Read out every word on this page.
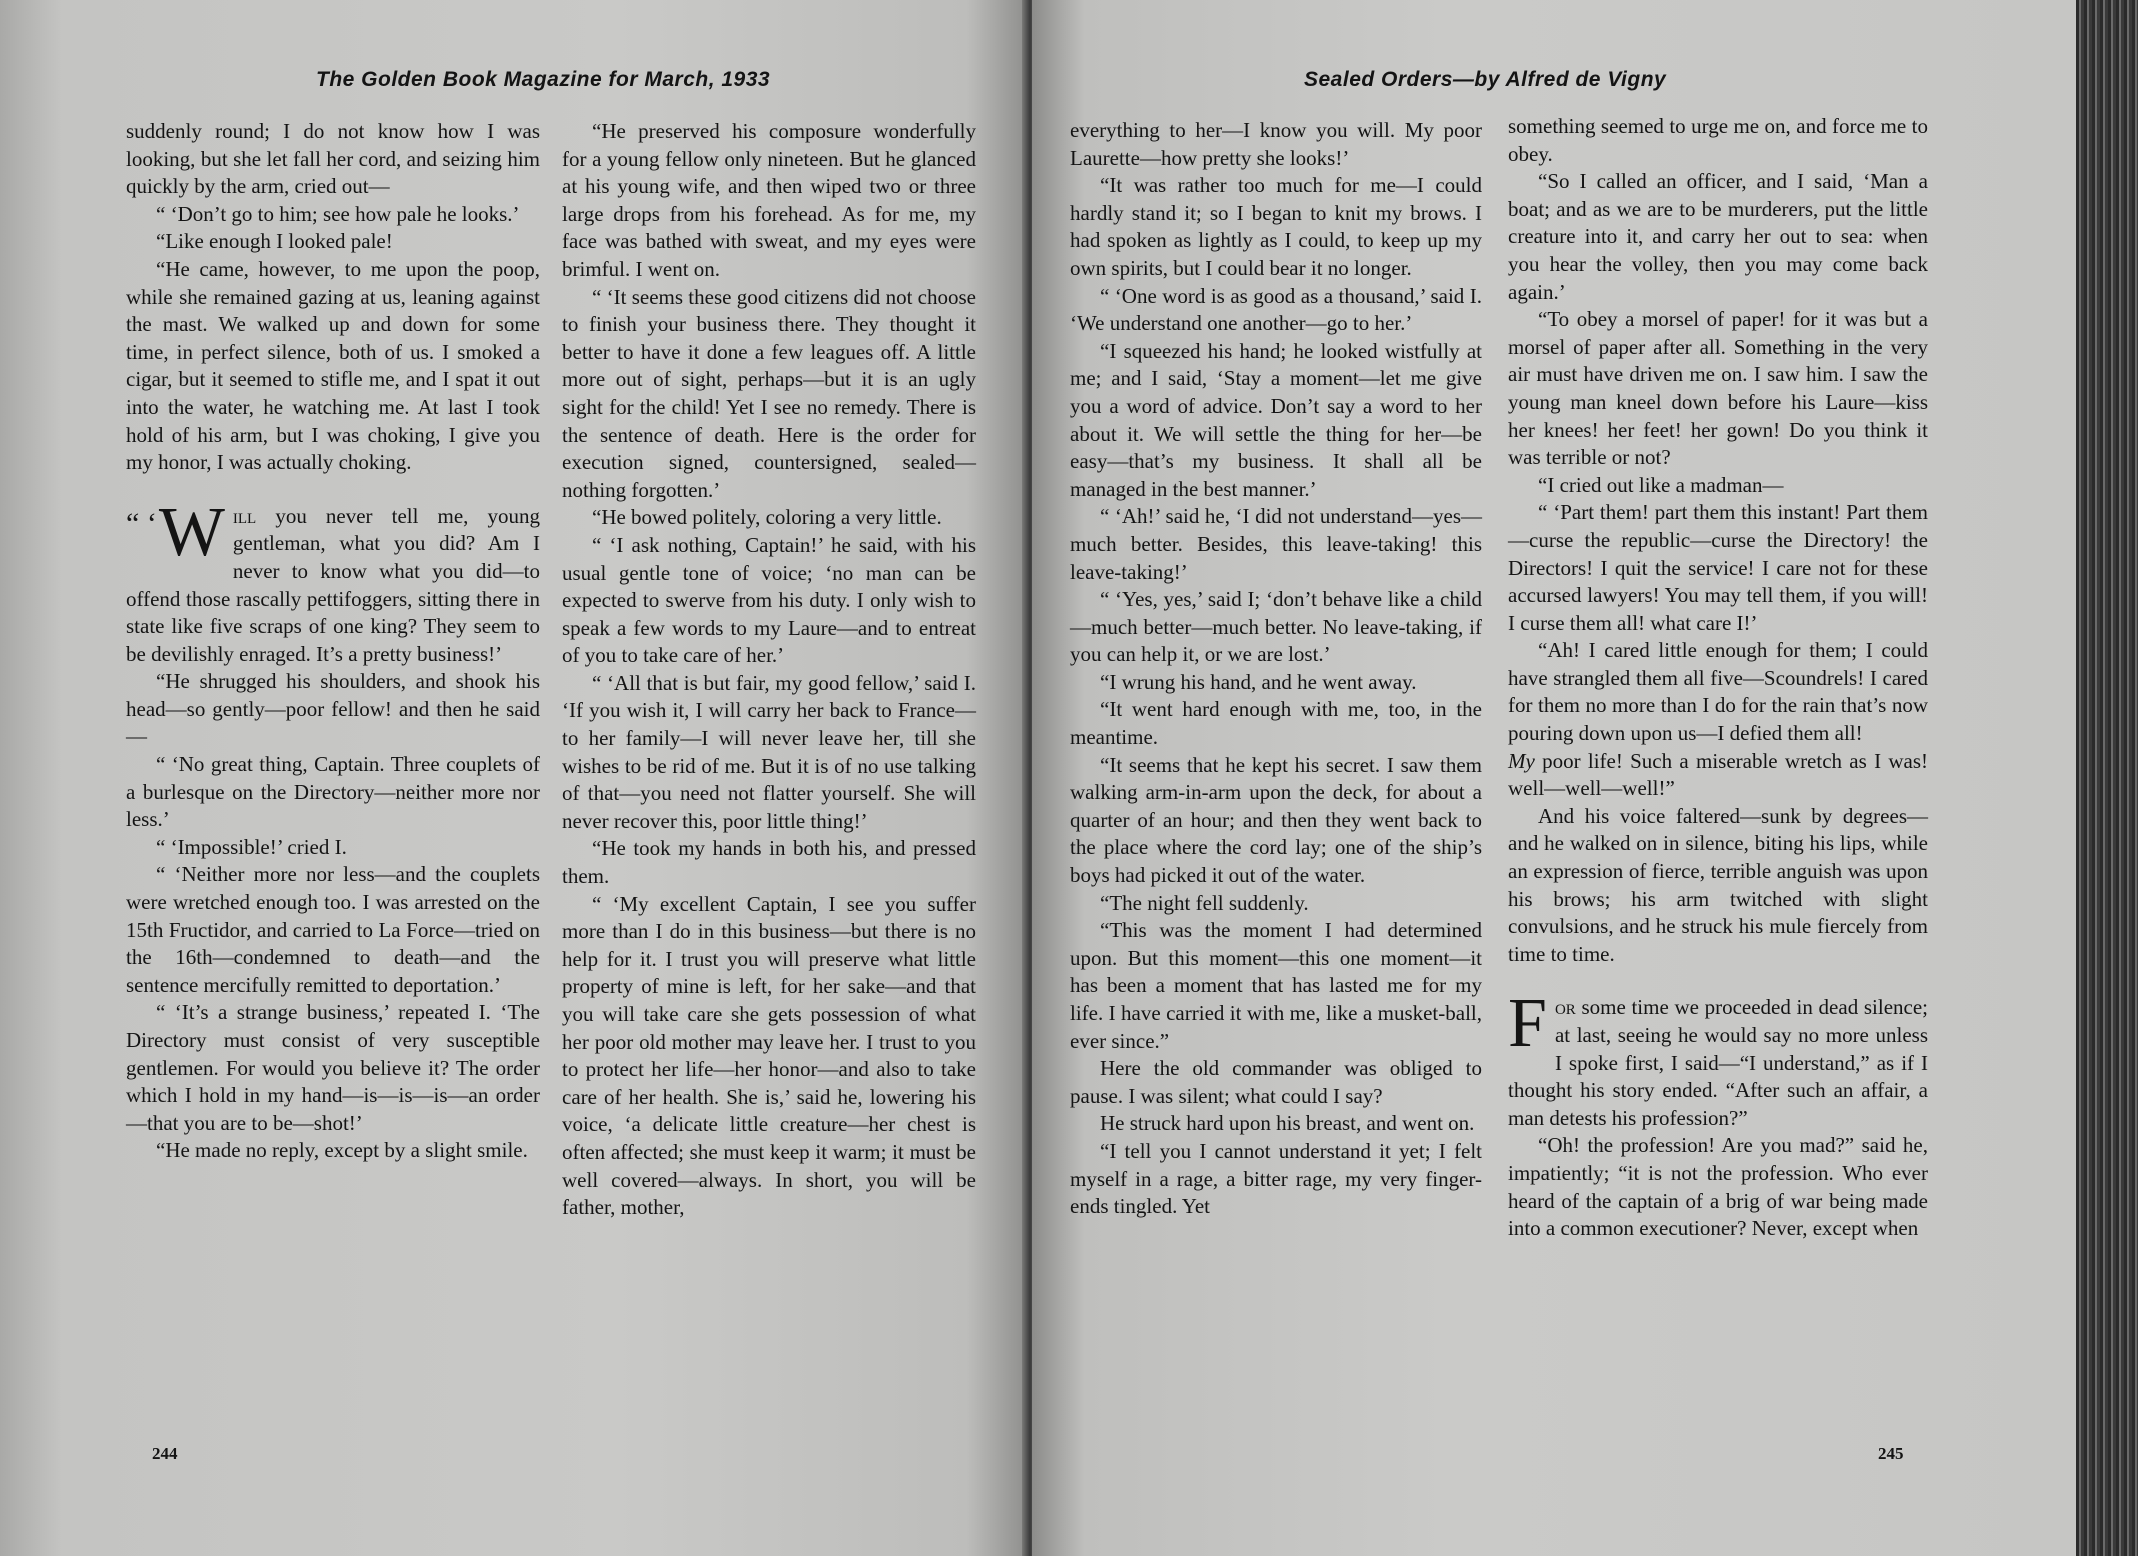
The Golden Book Magazine for March, 1933

suddenly round; I do not know how I was looking, but she let fall her cord, and seizing him quickly by the arm, cried out—

“ ‘Don’t go to him; see how pale he looks.’

“Like enough I looked pale!

“He came, however, to me upon the poop, while she remained gazing at us, leaning against the mast. We walked up and down for some time, in perfect silence, both of us. I smoked a cigar, but it seemed to stifle me, and I spat it out into the water, he watching me. At last I took hold of his arm, but I was choking, I give you my honor, I was actually choking.

“ ‘ W ill you never tell me, young gentleman, what you did? Am I never to know what you did—to offend those rascally pettifoggers, sitting there in state like five scraps of one king? They seem to be devilishly enraged. It’s a pretty business!’

“He shrugged his shoulders, and shook his head—so gently—poor fellow! and then he said—

“ ‘No great thing, Captain. Three couplets of a burlesque on the Directory—neither more nor less.’

“ ‘Impossible!’ cried I.

“ ‘Neither more nor less—and the couplets were wretched enough too. I was arrested on the 15th Fructidor, and carried to La Force—tried on the 16th—condemned to death—and the sentence mercifully remitted to deportation.’

“ ‘It’s a strange business,’ repeated I. ‘The Directory must consist of very susceptible gentlemen. For would you believe it? The order which I hold in my hand—is—is—is—an order—that you are to be—shot!’

“He made no reply, except by a slight smile.

“He preserved his composure wonderfully for a young fellow only nineteen. But he glanced at his young wife, and then wiped two or three large drops from his forehead. As for me, my face was bathed with sweat, and my eyes were brimful. I went on.

“ ‘It seems these good citizens did not choose to finish your business there. They thought it better to have it done a few leagues off. A little more out of sight, perhaps—but it is an ugly sight for the child! Yet I see no remedy. There is the sentence of death. Here is the order for execution signed, countersigned, sealed—nothing forgotten.’

“He bowed politely, coloring a very little.

“ ‘I ask nothing, Captain!’ he said, with his usual gentle tone of voice; ‘no man can be expected to swerve from his duty. I only wish to speak a few words to my Laure—and to entreat of you to take care of her.’

“ ‘All that is but fair, my good fellow,’ said I. ‘If you wish it, I will carry her back to France—to her family—I will never leave her, till she wishes to be rid of me. But it is of no use talking of that—you need not flatter yourself. She will never recover this, poor little thing!’

“He took my hands in both his, and pressed them.

“ ‘My excellent Captain, I see you suffer more than I do in this business—but there is no help for it. I trust you will preserve what little property of mine is left, for her sake—and that you will take care she gets possession of what her poor old mother may leave her. I trust to you to protect her life—her honor—and also to take care of her health. She is,’ said he, lowering his voice, ‘a delicate little creature—her chest is often affected; she must keep it warm; it must be well covered—always. In short, you will be father, mother,

244
Sealed Orders—by Alfred de Vigny

everything to her—I know you will. My poor Laurette—how pretty she looks!’

“It was rather too much for me—I could hardly stand it; so I began to knit my brows. I had spoken as lightly as I could, to keep up my own spirits, but I could bear it no longer.

“ ‘One word is as good as a thousand,’ said I. ‘We understand one another—go to her.’

“I squeezed his hand; he looked wistfully at me; and I said, ‘Stay a moment—let me give you a word of advice. Don’t say a word to her about it. We will settle the thing for her—be easy—that’s my business. It shall all be managed in the best manner.’

“ ‘Ah!’ said he, ‘I did not understand—yes—much better. Besides, this leave-taking! this leave-taking!’

“ ‘Yes, yes,’ said I; ‘don’t behave like a child—much better—much better. No leave-taking, if you can help it, or we are lost.’

“I wrung his hand, and he went away.

“It went hard enough with me, too, in the meantime.

“It seems that he kept his secret. I saw them walking arm-in-arm upon the deck, for about a quarter of an hour; and then they went back to the place where the cord lay; one of the ship’s boys had picked it out of the water.

“The night fell suddenly.

“This was the moment I had determined upon. But this moment—this one moment—it has been a moment that has lasted me for my life. I have carried it with me, like a musket-ball, ever since.”

Here the old commander was obliged to pause. I was silent; what could I say?

He struck hard upon his breast, and went on.

“I tell you I cannot understand it yet; I felt myself in a rage, a bitter rage, my very finger-ends tingled. Yet

something seemed to urge me on, and force me to obey.

“So I called an officer, and I said, ‘Man a boat; and as we are to be murderers, put the little creature into it, and carry her out to sea: when you hear the volley, then you may come back again.’

“To obey a morsel of paper! for it was but a morsel of paper after all. Something in the very air must have driven me on. I saw him. I saw the young man kneel down before his Laure—kiss her knees! her feet! her gown! Do you think it was terrible or not?

“I cried out like a madman—

“ ‘Part them! part them this instant! Part them—curse the republic—curse the Directory! the Directors! I quit the service! I care not for these accursed lawyers! You may tell them, if you will! I curse them all! what care I!’

“Ah! I cared little enough for them; I could have strangled them all five—Scoundrels! I cared for them no more than I do for the rain that’s now pouring down upon us—I defied them all!

My poor life! Such a miserable wretch as I was! well—well—well!”

And his voice faltered—sunk by degrees—and he walked on in silence, biting his lips, while an expression of fierce, terrible anguish was upon his brows; his arm twitched with slight convulsions, and he struck his mule fiercely from time to time.

For some time we proceeded in dead silence; at last, seeing he would say no more unless I spoke first, I said—“I understand,” as if I thought his story ended. “After such an affair, a man detests his profession?”

“Oh! the profession! Are you mad?” said he, impatiently; “it is not the profession. Who ever heard of the captain of a brig of war being made into a common executioner? Never, except when

245
